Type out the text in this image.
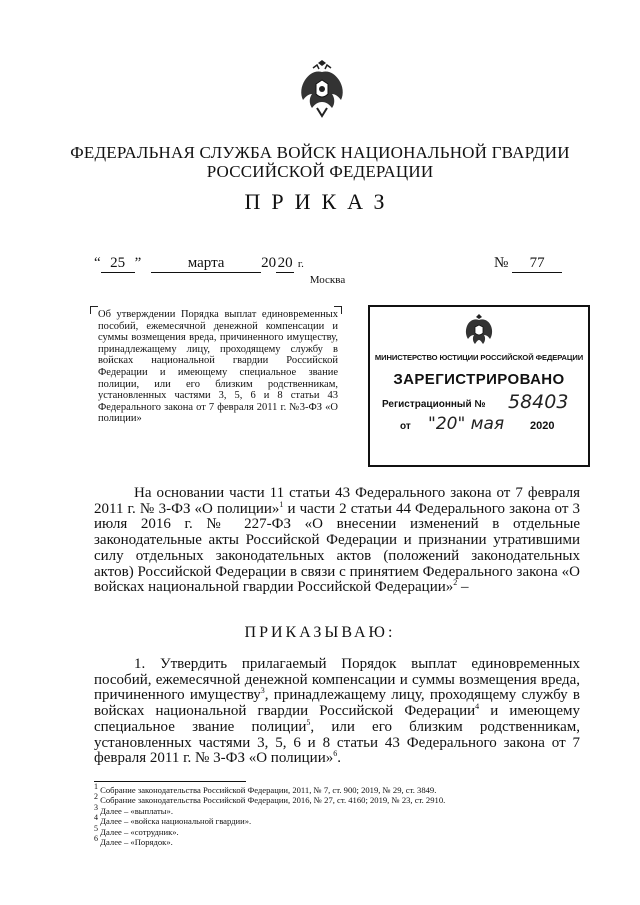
ФЕДЕРАЛЬНАЯ СЛУЖБА ВОЙСК НАЦИОНАЛЬНОЙ ГВАРДИИ
РОССИЙСКОЙ ФЕДЕРАЦИИ
ПРИКАЗ
“ 25 ”	марта 20 20 г.	№ 77
Москва
Об утверждении Порядка выплат единовременных пособий, ежемесячной денежной компенсации и суммы возмещения вреда, причиненного имуществу, принадлежащему лицу, проходящему службу в войсках национальной гвардии Российской Федерации и имеющему специальное звание полиции, или его близким родственникам, установленных частями 3, 5, 6 и 8 статьи 43 Федерального закона от 7 февраля 2011 г. №3-ФЗ «О полиции»
МИНИСТЕРСТВО ЮСТИЦИИ РОССИЙСКОЙ ФЕДЕРАЦИИ
ЗАРЕГИСТРИРОВАНО
Регистрационный № 58403
от "20" мая 2020
На основании части 11 статьи 43 Федерального закона от 7 февраля 2011 г. № 3-ФЗ «О полиции»$^1$ и части 2 статьи 44 Федерального закона от 3 июля 2016 г. № 227-ФЗ «О внесении изменений в отдельные законодательные акты Российской Федерации и признании утратившими силу отдельных законодательных актов (положений законодательных актов) Российской Федерации в связи с принятием Федерального закона «О войсках национальной гвардии Российской Федерации»$^2$ –
ПРИКАЗЫВАЮ:
1. Утвердить прилагаемый Порядок выплат единовременных пособий, ежемесячной денежной компенсации и суммы возмещения вреда, причиненного имуществу$^3$, принадлежащему лицу, проходящему службу в войсках национальной гвардии Российской Федерации$^4$ и имеющему специальное звание полиции$^5$, или его близким родственникам, установленных частями 3, 5, 6 и 8 статьи 43 Федерального закона от 7 февраля 2011 г. № 3-ФЗ «О полиции»$^6$.
$^1$ Собрание законодательства Российской Федерации, 2011, № 7, ст. 900; 2019, № 29, ст. 3849.
$^2$ Собрание законодательства Российской Федерации, 2016, № 27, ст. 4160; 2019, № 23, ст. 2910.
$^3$ Далее – «выплаты».
$^4$ Далее – «войска национальной гвардии».
$^5$ Далее – «сотрудник».
$^6$ Далее – «Порядок».
